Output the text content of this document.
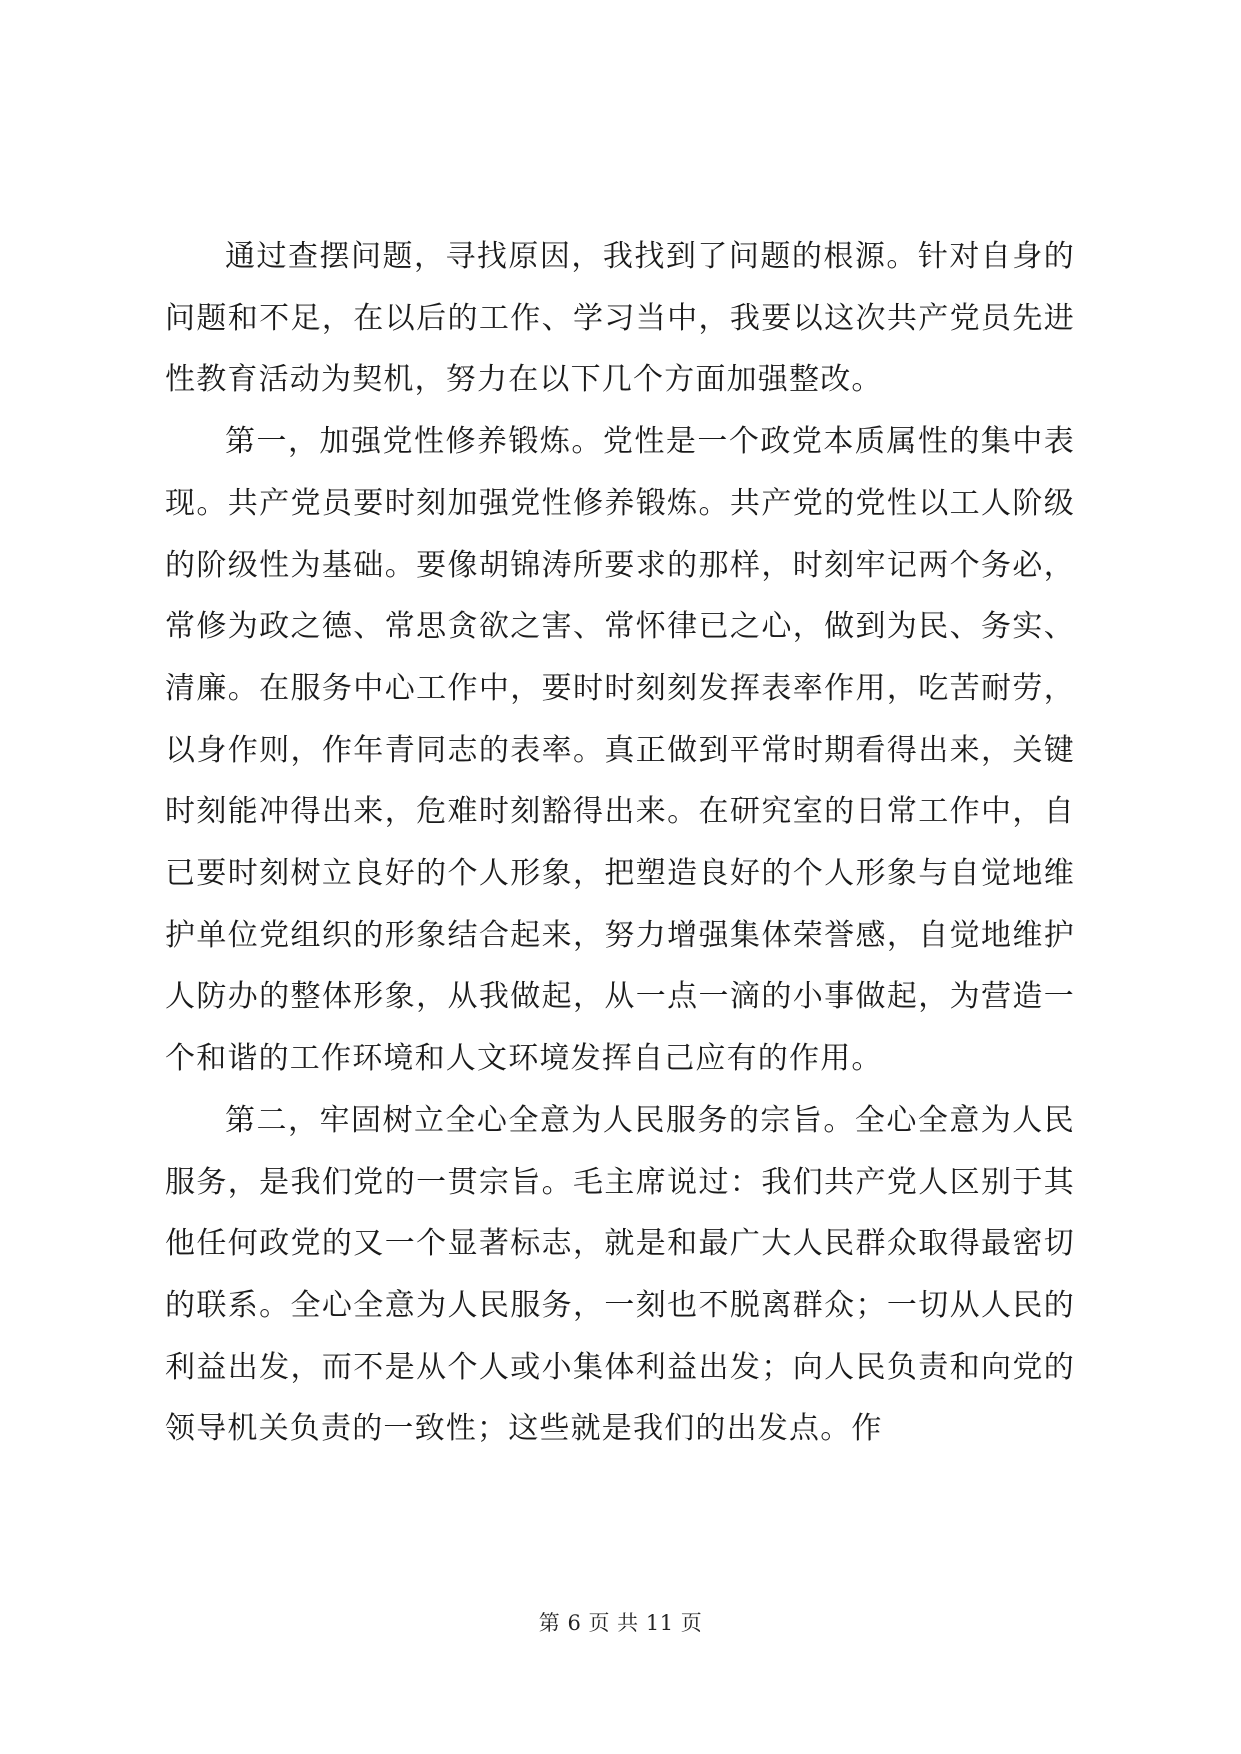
通过查摆问题，寻找原因，我找到了问题的根源。针对自身的问题和不足，在以后的工作、学习当中，我要以这次共产党员先进性教育活动为契机，努力在以下几个方面加强整改。

第一，加强党性修养锻炼。党性是一个政党本质属性的集中表现。共产党员要时刻加强党性修养锻炼。共产党的党性以工人阶级的阶级性为基础。要像胡锦涛所要求的那样，时刻牢记两个务必，常修为政之德、常思贪欲之害、常怀律已之心，做到为民、务实、清廉。在服务中心工作中，要时时刻刻发挥表率作用，吃苦耐劳，以身作则，作年青同志的表率。真正做到平常时期看得出来，关键时刻能冲得出来，危难时刻豁得出来。在研究室的日常工作中，自已要时刻树立良好的个人形象，把塑造良好的个人形象与自觉地维护单位党组织的形象结合起来，努力增强集体荣誉感，自觉地维护人防办的整体形象，从我做起，从一点一滴的小事做起，为营造一个和谐的工作环境和人文环境发挥自己应有的作用。

第二，牢固树立全心全意为人民服务的宗旨。全心全意为人民服务，是我们党的一贯宗旨。毛主席说过：我们共产党人区别于其他任何政党的又一个显著标志，就是和最广大人民群众取得最密切的联系。全心全意为人民服务，一刻也不脱离群众；一切从人民的利益出发，而不是从个人或小集体利益出发；向人民负责和向党的领导机关负责的一致性；这些就是我们的出发点。作

第 6 页 共 11 页
